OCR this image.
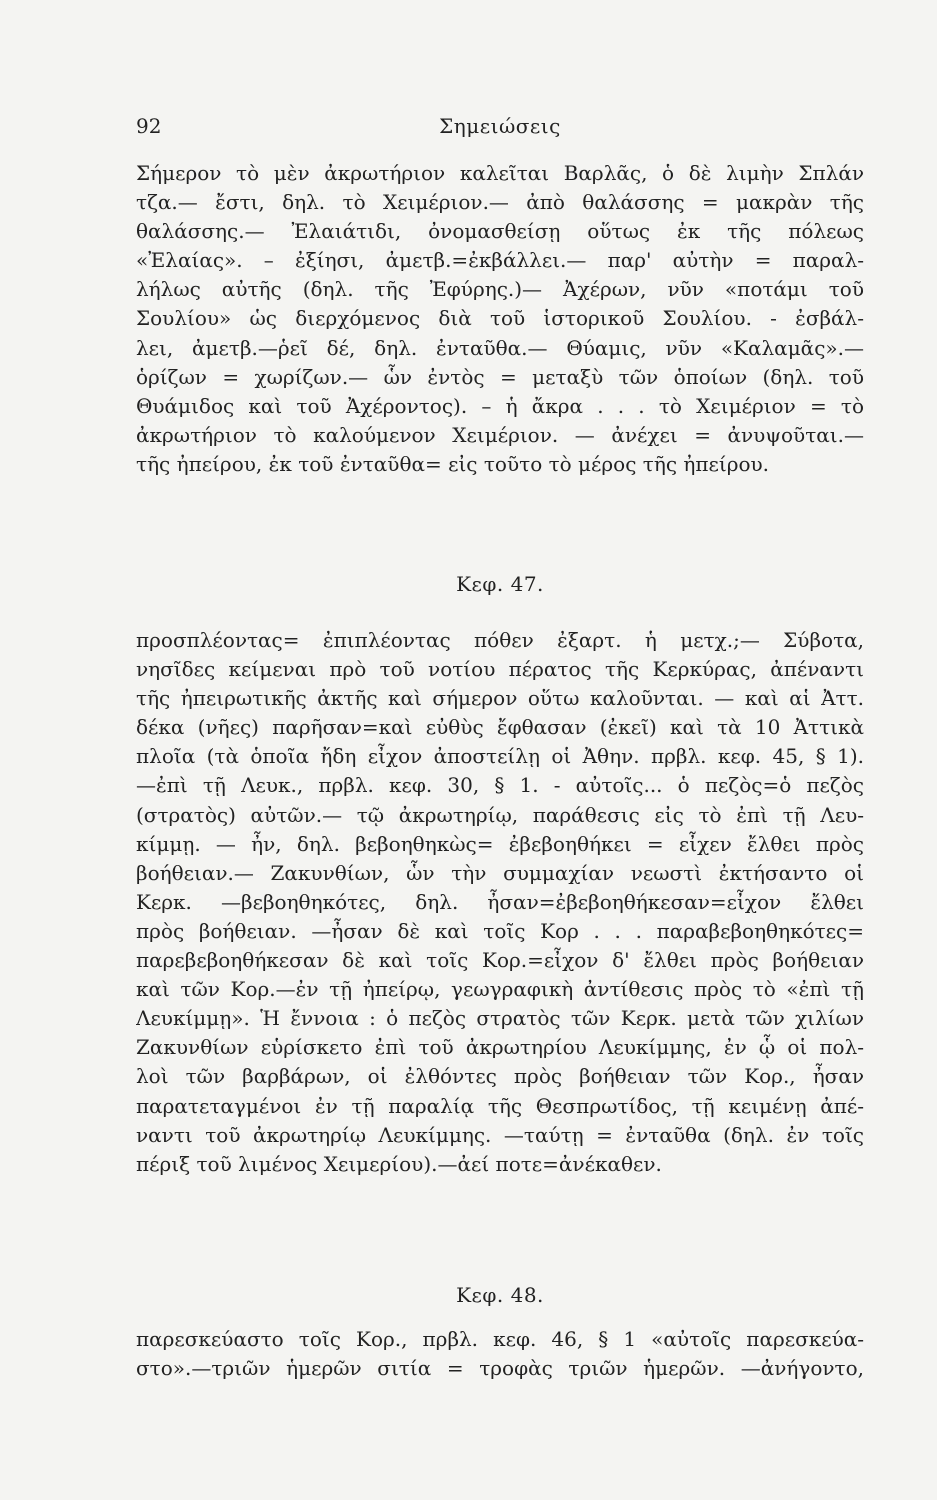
92	Σημειώσεις
Σήμερον τὸ μὲν ἀκρωτήριον καλεῖται Βαρλᾶς, ὁ δὲ λιμὴν Σπλάν
τζα.— ἔστι, δηλ. τὸ Χειμέριον.— ἀπὸ θαλάσσης = μακρὰν τῆς
θαλάσσης.— Ἐλαιάτιδι, ὀνομασθείσῃ οὕτως ἐκ τῆς πόλεως
«Ἐλαίας». – ἐξίησι, ἀμετβ.=ἐκβάλλει.— παρ' αὐτὴν = παραλ-
λήλως αὐτῆς (δηλ. τῆς Ἐφύρης.)— Ἀχέρων, νῦν «ποτάμι τοῦ
Σουλίου» ὡς διερχόμενος διὰ τοῦ ἱστορικοῦ Σουλίου. - ἐσβάλ-
λει, ἀμετβ.—ῥεῖ δέ, δηλ. ἐνταῦθα.— Θύαμις, νῦν «Καλαμᾶς».—
ὁρίζων = χωρίζων.— ὧν ἐντὸς = μεταξὺ τῶν ὁποίων (δηλ. τοῦ
Θυάμιδος καὶ τοῦ Ἀχέροντος). – ἡ ἄκρα . . . τὸ Χειμέριον = τὸ
ἀκρωτήριον τὸ καλούμενον Χειμέριον. — ἀνέχει = ἀνυψοῦται.—
τῆς ἠπείρου, ἐκ τοῦ ἐνταῦθα= εἰς τοῦτο τὸ μέρος τῆς ἠπείρου.
Κεφ. 47.
προσπλέοντας= ἐπιπλέοντας πόθεν ἐξαρτ. ἡ μετχ.;— Σύβοτα,
νησῖδες κείμεναι πρὸ τοῦ νοτίου πέρατος τῆς Κερκύρας, ἀπέναντι
τῆς ἠπειρωτικῆς ἀκτῆς καὶ σήμερον οὕτω καλοῦνται. — καὶ αἱ Ἀττ.
δέκα (νῆες) παρῆσαν=καὶ εὐθὺς ἔφθασαν (ἐκεῖ) καὶ τὰ 10 Ἀττικὰ
πλοῖα (τὰ ὁποῖα ἤδη εἶχον ἀποστείλῃ οἱ Ἀθην. πρβλ. κεφ. 45, § 1).
—ἐπὶ τῇ Λευκ., πρβλ. κεφ. 30, § 1. - αὐτοῖς... ὁ πεζὸς=ὁ πεζὸς
(στρατὸς) αὐτῶν.— τῷ ἀκρωτηρίῳ, παράθεσις εἰς τὸ ἐπὶ τῇ Λευ-
κίμμῃ. — ἦν, δηλ. βεβοηθηκὼς= ἐβεβοηθήκει = εἶχεν ἔλθει πρὸς
βοήθειαν.— Ζακυνθίων, ὧν τὴν συμμαχίαν νεωστὶ ἐκτήσαντο οἱ
Κερκ. —βεβοηθηκότες, δηλ. ἦσαν=ἐβεβοηθήκεσαν=εἶχον ἔλθει
πρὸς βοήθειαν. —ἦσαν δὲ καὶ τοῖς Κορ . . . παραβεβοηθηκότες=
παρεβεβοηθήκεσαν δὲ καὶ τοῖς Κορ.=εἶχον δ' ἔλθει πρὸς βοήθειαν
καὶ τῶν Κορ.—ἐν τῇ ἠπείρῳ, γεωγραφικὴ ἀντίθεσις πρὸς τὸ «ἐπὶ τῇ
Λευκίμμῃ». Ἡ ἔννοια : ὁ πεζὸς στρατὸς τῶν Κερκ. μετὰ τῶν χιλίων
Ζακυνθίων εὑρίσκετο ἐπὶ τοῦ ἀκρωτηρίου Λευκίμμης, ἐν ᾧ οἱ πολ-
λοὶ τῶν βαρβάρων, οἱ ἐλθόντες πρὸς βοήθειαν τῶν Κορ., ἦσαν
παρατεταγμένοι ἐν τῇ παραλίᾳ τῆς Θεσπρωτίδος, τῇ κειμένῃ ἀπέ-
ναντι τοῦ ἀκρωτηρίῳ Λευκίμμης. —ταύτῃ = ἐνταῦθα (δηλ. ἐν τοῖς
πέριξ τοῦ λιμένος Χειμερίου).—ἀεί ποτε=ἀνέκαθεν.
Κεφ. 48.
παρεσκεύαστο τοῖς Κορ., πρβλ. κεφ. 46, § 1 «αὐτοῖς παρεσκεύα-
στο».—τριῶν ἡμερῶν σιτία = τροφὰς τριῶν ἡμερῶν. —ἀνήγοντο,
